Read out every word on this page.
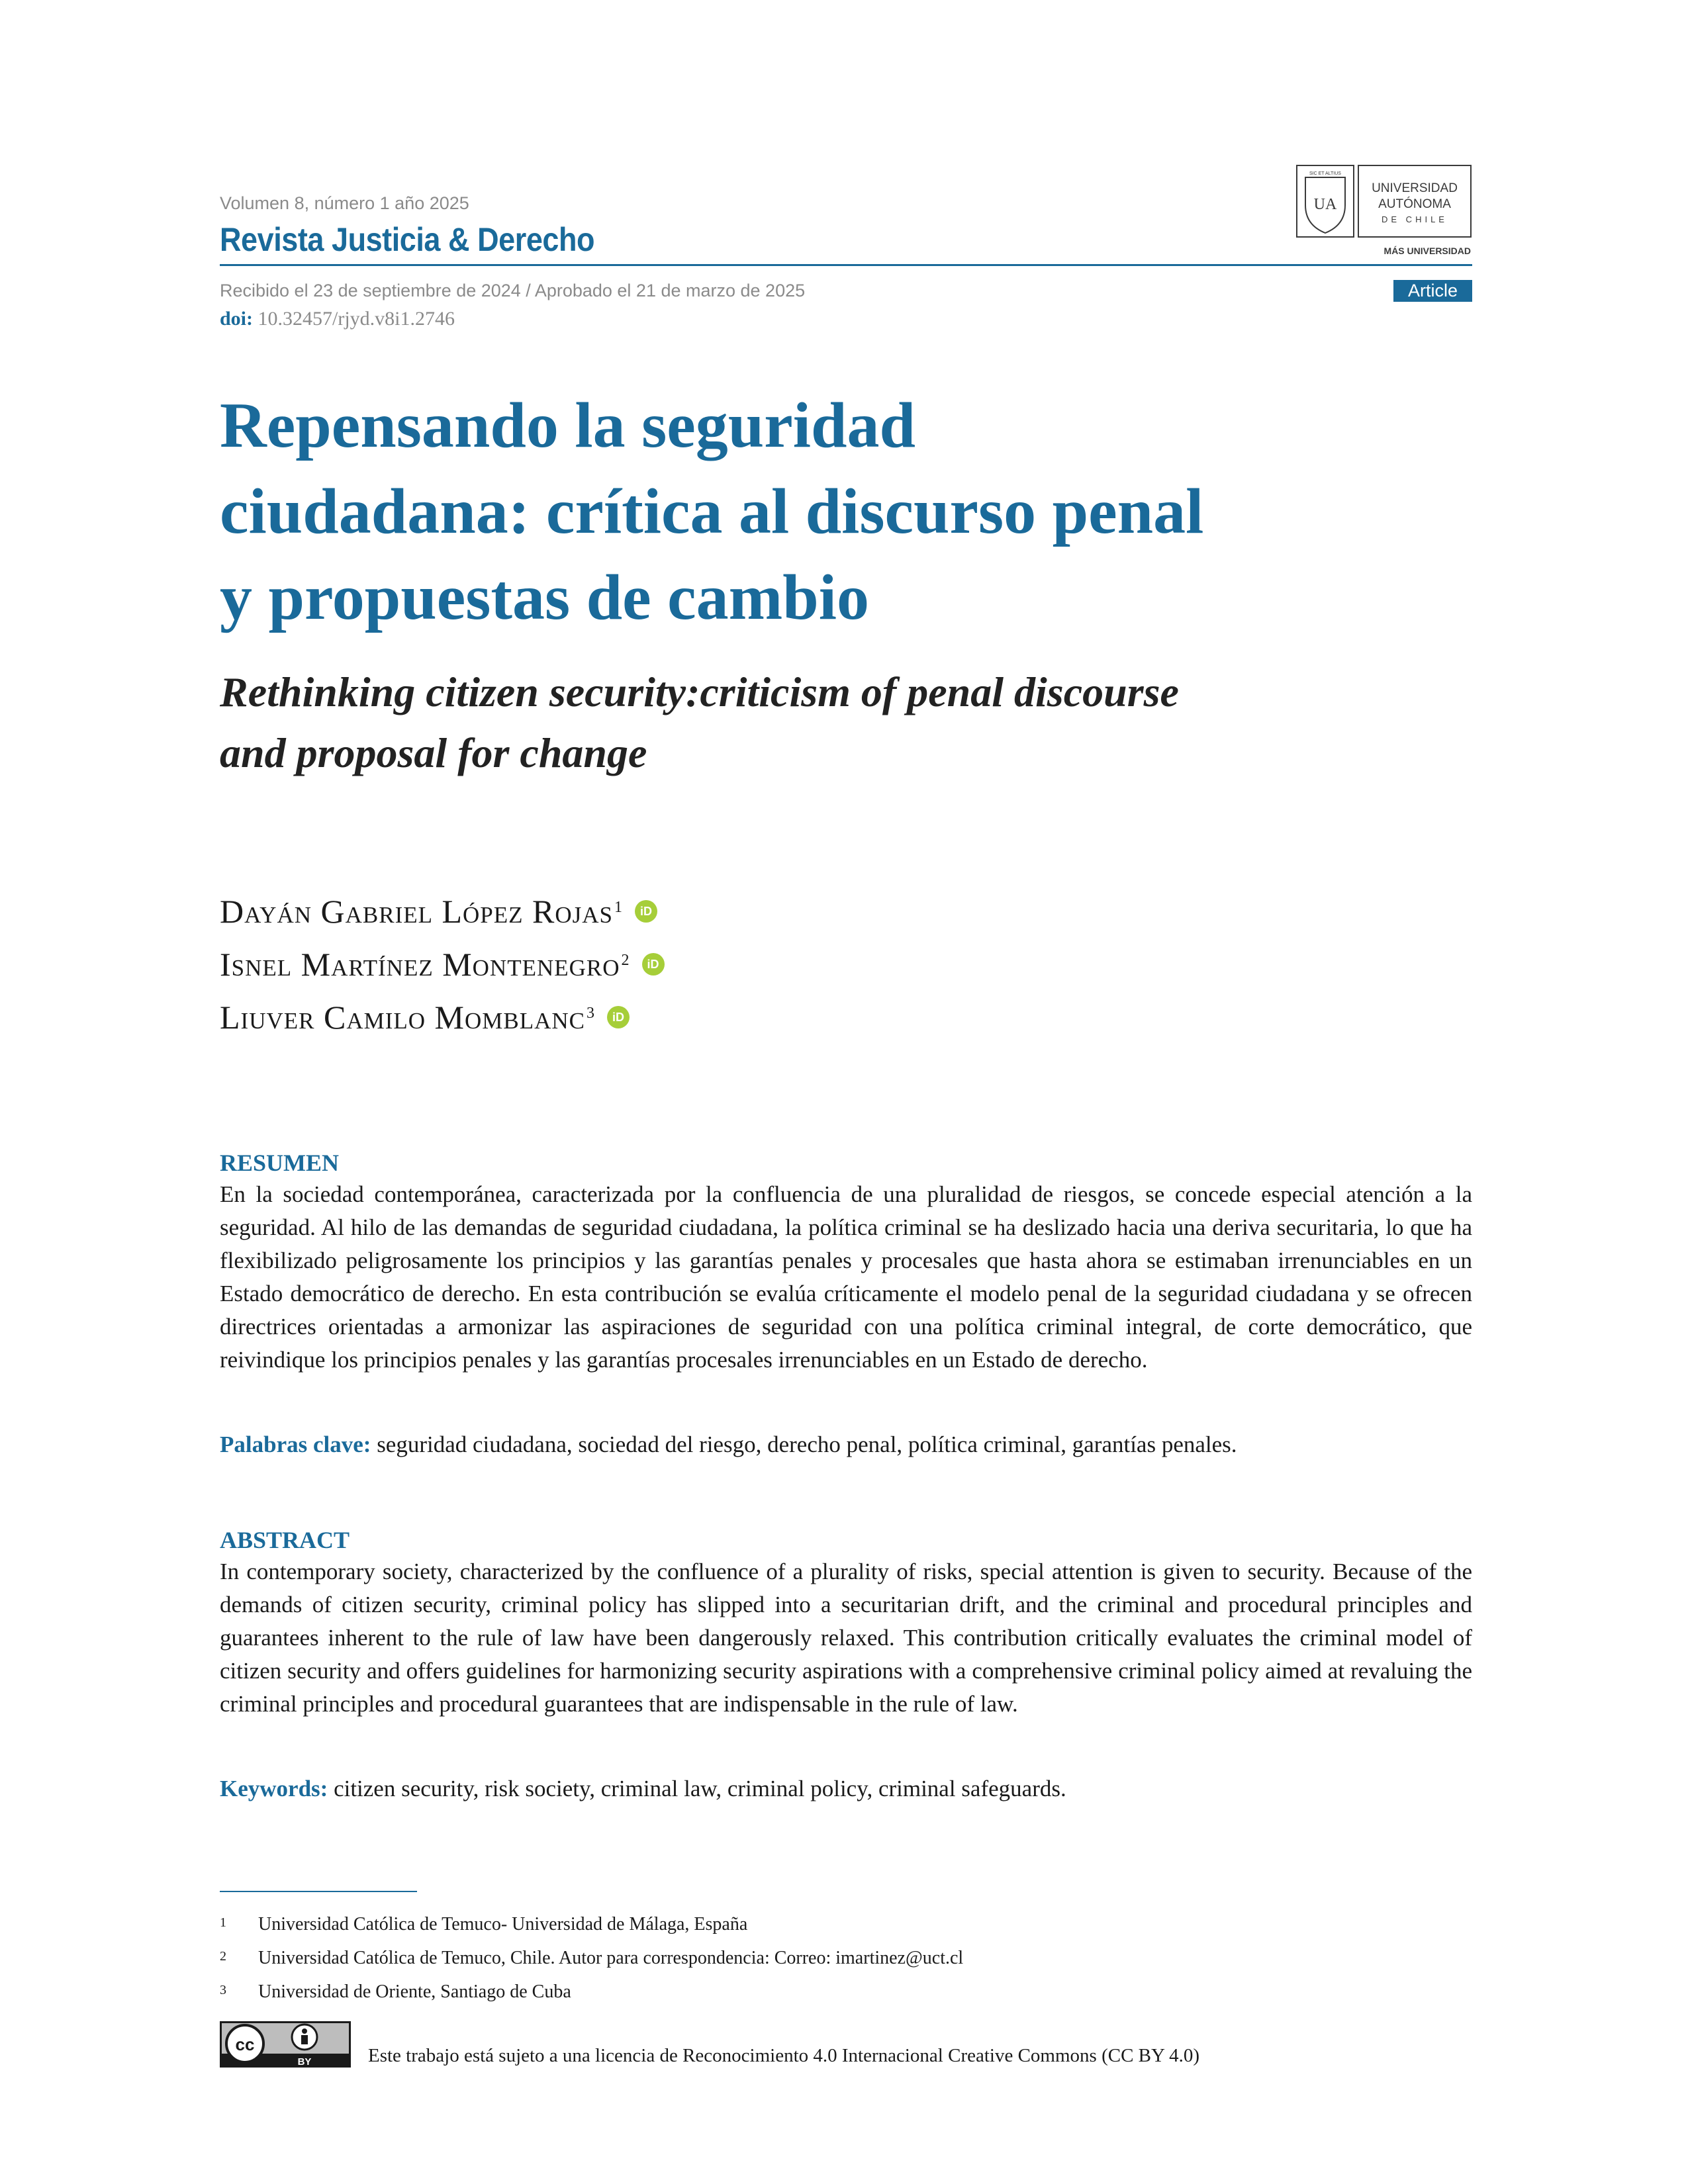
Volumen 8, número 1 año 2025
Revista Justicia & Derecho
Recibido el 23 de septiembre de 2024 / Aprobado el 21 de marzo de 2025
doi: 10.32457/rjyd.v8i1.2746
Article
SIC ET ALTIUS
UA
UNIVERSIDAD
AUTÓNOMA
DE CHILE
MÁS UNIVERSIDAD
Repensando la seguridad ciudadana: crítica al discurso penal y propuestas de cambio
Rethinking citizen security:criticism of penal discourse and proposal for change
Dayán Gabriel López Rojas$^1$	iD
Isnel Martínez Montenegro$^2$	iD
Liuver Camilo Momblanc$^3$	iD
RESUMEN
En la sociedad contemporánea, caracterizada por la confluencia de una pluralidad de riesgos, se concede especial atención a la seguridad. Al hilo de las demandas de seguridad ciudadana, la política criminal se ha deslizado hacia una deriva securitaria, lo que ha flexibilizado peligrosamente los principios y las garantías penales y procesales que hasta ahora se estimaban irrenunciables en un Estado democrático de derecho. En esta contribución se evalúa críticamente el modelo penal de la seguridad ciudadana y se ofrecen directrices orientadas a armonizar las aspiraciones de seguridad con una política criminal integral, de corte democrático, que reivindique los principios penales y las garantías procesales irrenunciables en un Estado de derecho.
Palabras clave: seguridad ciudadana, sociedad del riesgo, derecho penal, política criminal, garantías penales.
ABSTRACT
In contemporary society, characterized by the confluence of a plurality of risks, special attention is given to security. Because of the demands of citizen security, criminal policy has slipped into a securitarian drift, and the criminal and procedural principles and guarantees inherent to the rule of law have been dangerously relaxed. This contribution critically evaluates the criminal model of citizen security and offers guidelines for harmonizing security aspirations with a comprehensive criminal policy aimed at revaluing the criminal principles and procedural guarantees that are indispensable in the rule of law.
Keywords: citizen security, risk society, criminal law, criminal policy, criminal safeguards.
1 Universidad Católica de Temuco- Universidad de Málaga, España
2 Universidad Católica de Temuco, Chile. Autor para correspondencia: Correo: imartinez@uct.cl
3 Universidad de Oriente, Santiago de Cuba
cc
BY	Este trabajo está sujeto a una licencia de Reconocimiento 4.0 Internacional Creative Commons (CC BY 4.0)
